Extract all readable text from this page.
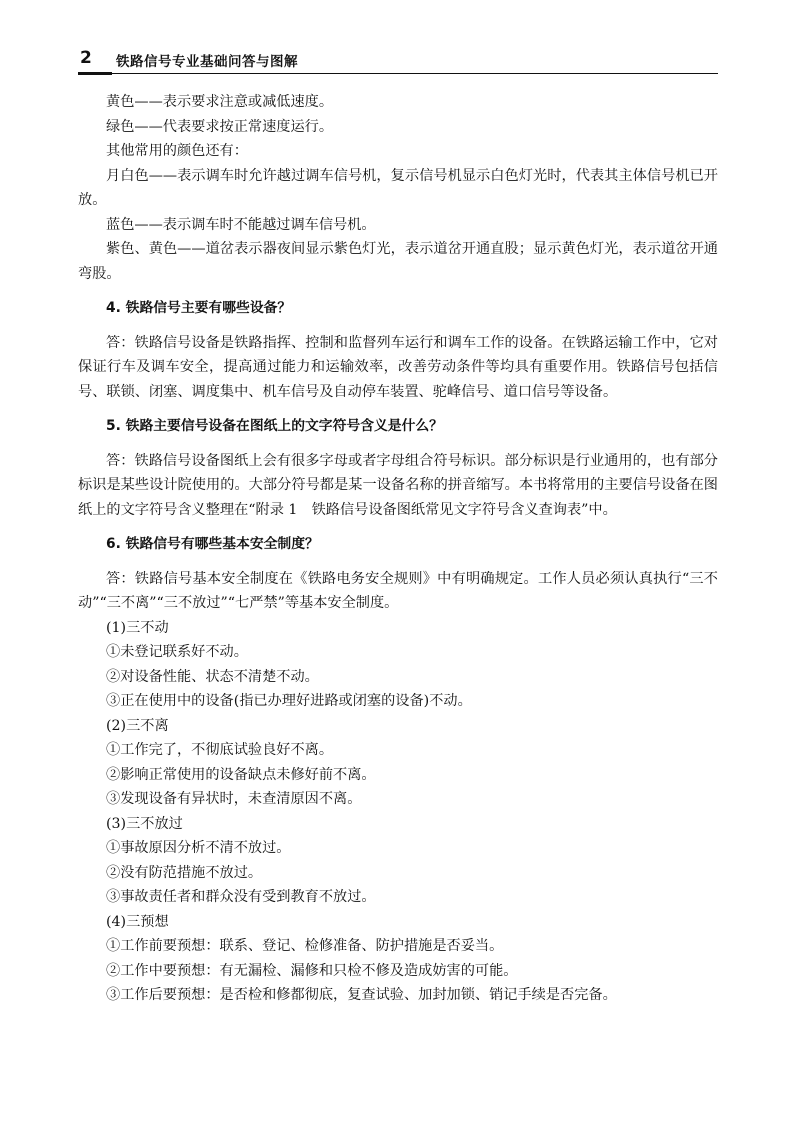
2 铁路信号专业基础问答与图解

黄色——表示要求注意或减低速度。

绿色——代表要求按正常速度运行。

其他常用的颜色还有：

月白色——表示调车时允许越过调车信号机，复示信号机显示白色灯光时，代表其主体信号机已开放。

蓝色——表示调车时不能越过调车信号机。

紫色、黄色——道岔表示器夜间显示紫色灯光，表示道岔开通直股；显示黄色灯光，表示道岔开通弯股。

4. 铁路信号主要有哪些设备？

答：铁路信号设备是铁路指挥、控制和监督列车运行和调车工作的设备。在铁路运输工作中，它对保证行车及调车安全，提高通过能力和运输效率，改善劳动条件等均具有重要作用。铁路信号包括信号、联锁、闭塞、调度集中、机车信号及自动停车装置、驼峰信号、道口信号等设备。

5. 铁路主要信号设备在图纸上的文字符号含义是什么？

答：铁路信号设备图纸上会有很多字母或者字母组合符号标识。部分标识是行业通用的，也有部分标识是某些设计院使用的。大部分符号都是某一设备名称的拼音缩写。本书将常用的主要信号设备在图纸上的文字符号含义整理在“附录 1　铁路信号设备图纸常见文字符号含义查询表”中。

6. 铁路信号有哪些基本安全制度？

答：铁路信号基本安全制度在《铁路电务安全规则》中有明确规定。工作人员必须认真执行“三不动”“三不离”“三不放过”“七严禁”等基本安全制度。

(1)三不动

①未登记联系好不动。

②对设备性能、状态不清楚不动。

③正在使用中的设备(指已办理好进路或闭塞的设备)不动。

(2)三不离

①工作完了，不彻底试验良好不离。

②影响正常使用的设备缺点未修好前不离。

③发现设备有异状时，未查清原因不离。

(3)三不放过

①事故原因分析不清不放过。

②没有防范措施不放过。

③事故责任者和群众没有受到教育不放过。

(4)三预想

①工作前要预想：联系、登记、检修准备、防护措施是否妥当。

②工作中要预想：有无漏检、漏修和只检不修及造成妨害的可能。

③工作后要预想：是否检和修都彻底，复查试验、加封加锁、销记手续是否完备。
